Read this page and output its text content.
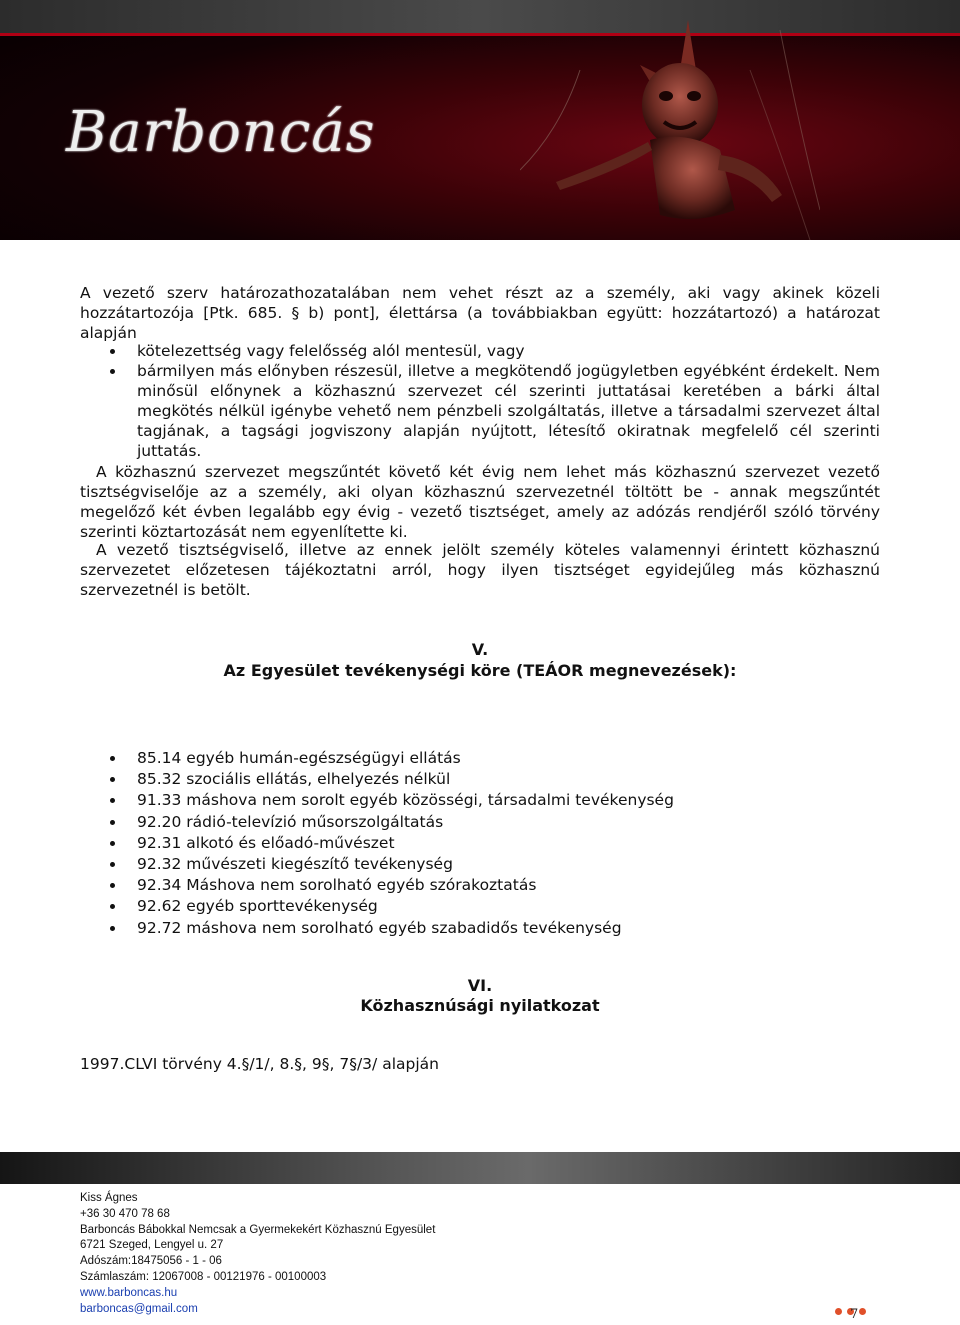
Barboncás
A vezető szerv határozathozatalában nem vehet részt az a személy, aki vagy akinek közeli hozzátartozója [Ptk. 685. § b) pont], élettársa (a továbbiakban együtt: hozzátartozó) a határozat alapján
kötelezettség vagy felelősség alól mentesül, vagy
bármilyen más előnyben részesül, illetve a megkötendő jogügyletben egyébként érdekelt. Nem minősül előnynek a közhasznú szervezet cél szerinti juttatásai keretében a bárki által megkötés nélkül igénybe vehető nem pénzbeli szolgáltatás, illetve a társadalmi szervezet által tagjának, a tagsági jogviszony alapján nyújtott, létesítő okiratnak megfelelő cél szerinti juttatás.
A közhasznú szervezet megszűntét követő két évig nem lehet más közhasznú szervezet vezető tisztségviselője az a személy, aki olyan közhasznú szervezetnél töltött be - annak megszűntét megelőző két évben legalább egy évig - vezető tisztséget, amely az adózás rendjéről szóló törvény szerinti köztartozását nem egyenlítette ki.
A vezető tisztségviselő, illetve az ennek jelölt személy köteles valamennyi érintett közhasznú szervezetet előzetesen tájékoztatni arról, hogy ilyen tisztséget egyidejűleg más közhasznú szervezetnél is betölt.
V.
Az Egyesület tevékenységi köre (TEÁOR megnevezések):
85.14 egyéb humán-egészségügyi ellátás
85.32 szociális ellátás, elhelyezés nélkül
91.33 máshova nem sorolt egyéb közösségi, társadalmi tevékenység
92.20 rádió-televízió műsorszolgáltatás
92.31 alkotó és előadó-művészet
92.32 művészeti kiegészítő tevékenység
92.34 Máshova nem sorolható egyéb szórakoztatás
92.62 egyéb sporttevékenység
92.72 máshova nem sorolható egyéb szabadidős tevékenység
VI.
Közhasznúsági nyilatkozat
1997.CLVI törvény 4.§/1/, 8.§, 9§, 7§/3/ alapján
Kiss Ágnes
+36 30 470 78 68
Barboncás Bábokkal Nemcsak a Gyermekekért Közhasznú Egyesület
6721 Szeged, Lengyel u. 27
Adószám:18475056 - 1 - 06
Számlaszám: 12067008 - 00121976 - 00100003
www.barboncas.hu
barboncas@gmail.com	7
